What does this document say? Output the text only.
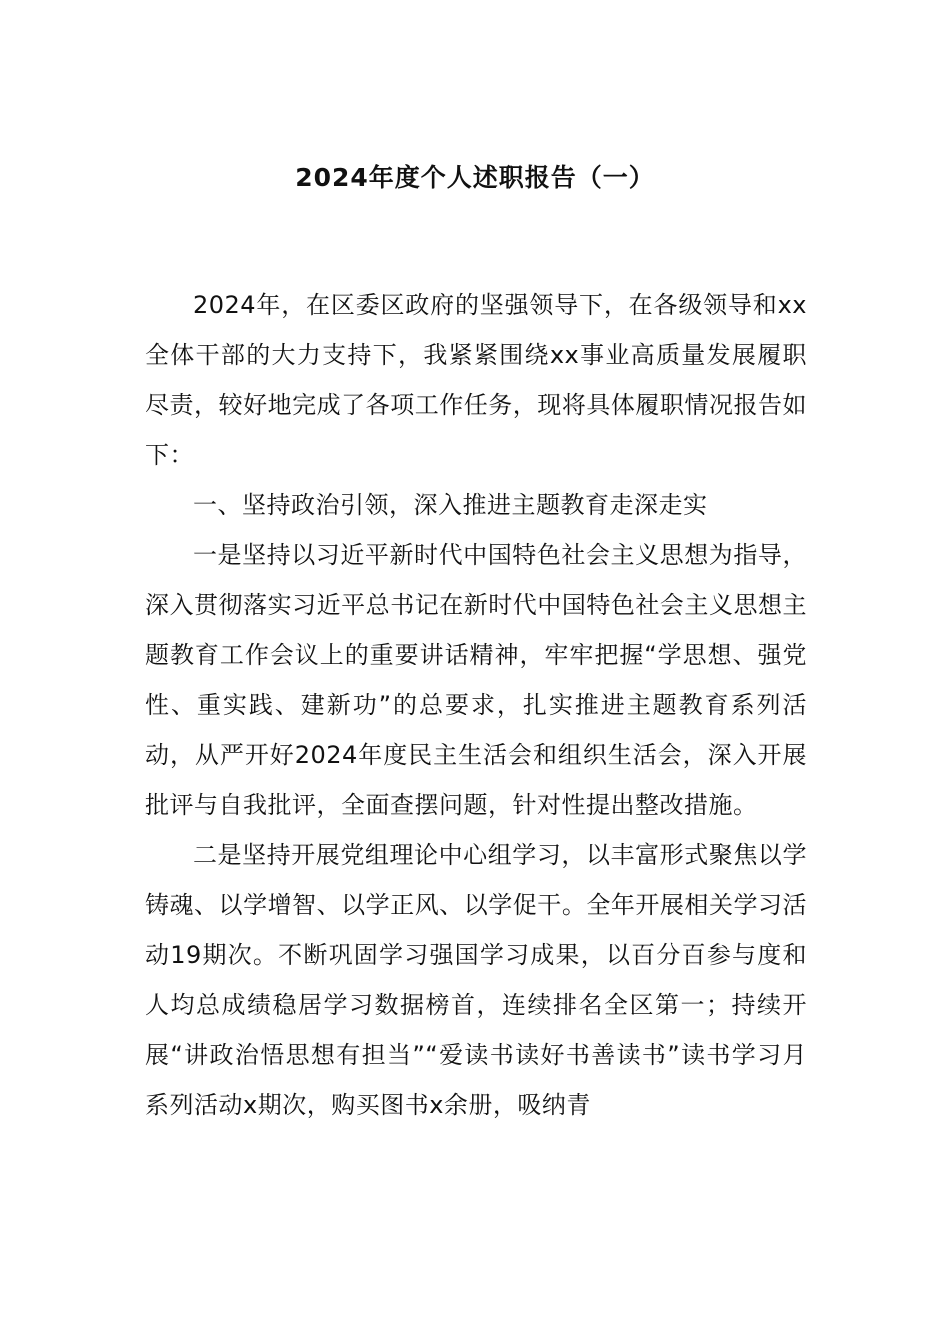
2024年度个人述职报告（一）

2024年，在区委区政府的坚强领导下，在各级领导和xx全体干部的大力支持下，我紧紧围绕xx事业高质量发展履职尽责，较好地完成了各项工作任务，现将具体履职情况报告如下：

一、坚持政治引领，深入推进主题教育走深走实

一是坚持以习近平新时代中国特色社会主义思想为指导，深入贯彻落实习近平总书记在新时代中国特色社会主义思想主题教育工作会议上的重要讲话精神，牢牢把握“学思想、强党性、重实践、建新功”的总要求，扎实推进主题教育系列活动，从严开好2024年度民主生活会和组织生活会，深入开展批评与自我批评，全面查摆问题，针对性提出整改措施。

二是坚持开展党组理论中心组学习，以丰富形式聚焦以学铸魂、以学增智、以学正风、以学促干。全年开展相关学习活动19期次。不断巩固学习强国学习成果，以百分百参与度和人均总成绩稳居学习数据榜首，连续排名全区第一；持续开展“讲政治悟思想有担当”“爱读书读好书善读书”读书学习月系列活动x期次，购买图书x余册，吸纳青
